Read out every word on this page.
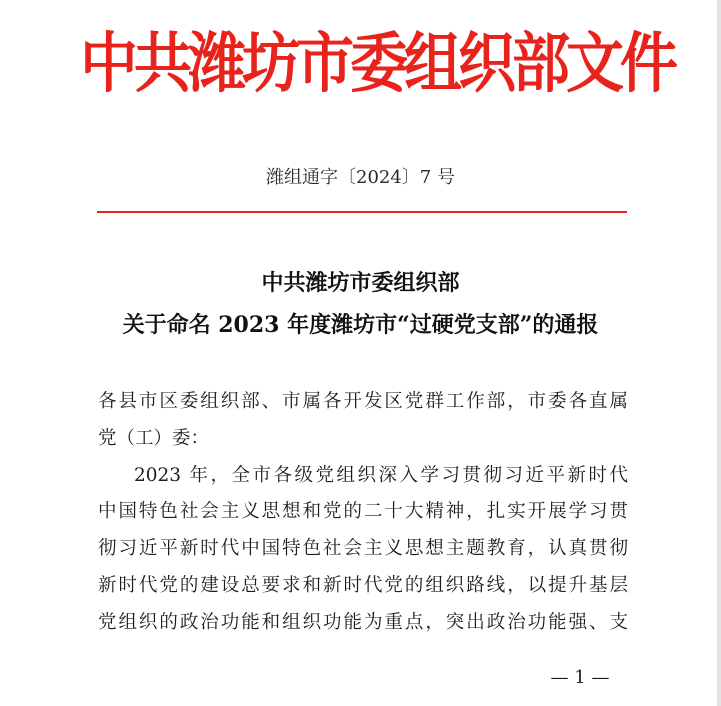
中共潍坊市委组织部文件
潍组通字〔2024〕7 号
中共潍坊市委组织部
关于命名 2023 年度潍坊市“过硬党支部”的通报
各县市区委组织部、市属各开发区党群工作部，市委各直属
党（工）委：
2023 年，全市各级党组织深入学习贯彻习近平新时代
中国特色社会主义思想和党的二十大精神，扎实开展学习贯
彻习近平新时代中国特色社会主义思想主题教育，认真贯彻
新时代党的建设总要求和新时代党的组织路线，以提升基层
党组织的政治功能和组织功能为重点，突出政治功能强、支
— 1 —
